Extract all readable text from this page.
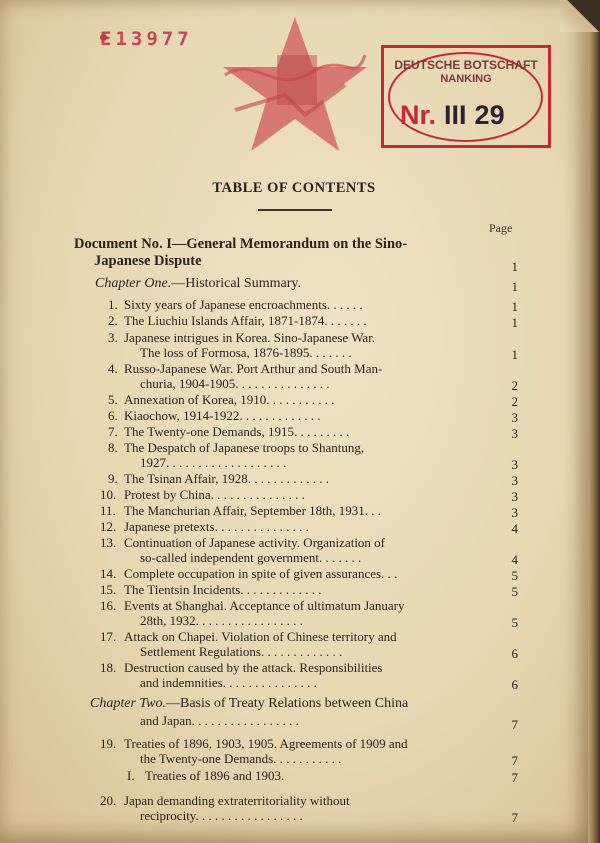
E13977
DEUTSCHE BOTSCHAFT
NANKING
Nr. III 29
TABLE OF CONTENTS
Page
Document No. I—General Memorandum on the Sino-
Japanese Dispute	1
Chapter One.—Historical Summary.	1
1. Sixty years of Japanese encroachments. . . . . .	1
2. The Liuchiu Islands Affair, 1871-1874. . . . . . .	1
3. Japanese intrigues in Korea. Sino-Japanese War.
The loss of Formosa, 1876-1895. . . . . . .	1
4. Russo-Japanese War. Port Arthur and South Man-
churia, 1904-1905. . . . . . . . . . . . . . .	2
5. Annexation of Korea, 1910. . . . . . . . . . .	2
6. Kiaochow, 1914-1922. . . . . . . . . . . . .	3
7. The Twenty-one Demands, 1915. . . . . . . . .	3
8. The Despatch of Japanese troops to Shantung,
1927. . . . . . . . . . . . . . . . . . .	3
9. The Tsinan Affair, 1928. . . . . . . . . . . . .	3
10. Protest by China. . . . . . . . . . . . . . .	3
11. The Manchurian Affair, September 18th, 1931. . .	3
12. Japanese pretexts. . . . . . . . . . . . . . .	4
13. Continuation of Japanese activity. Organization of
so-called independent government. . . . . . .	4
14. Complete occupation in spite of given assurances. . .	5
15. The Tientsin Incidents. . . . . . . . . . . . .	5
16. Events at Shanghai. Acceptance of ultimatum January
28th, 1932. . . . . . . . . . . . . . . . .	5
17. Attack on Chapei. Violation of Chinese territory and
Settlement Regulations. . . . . . . . . . . . .	6
18. Destruction caused by the attack. Responsibilities
and indemnities. . . . . . . . . . . . . . .	6
Chapter Two.—Basis of Treaty Relations between China
and Japan. . . . . . . . . . . . . . . . .	7
19. Treaties of 1896, 1903, 1905. Agreements of 1909 and
the Twenty-one Demands. . . . . . . . . . .	7
I. Treaties of 1896 and 1903.	7
20. Japan demanding extraterritoriality without
reciprocity. . . . . . . . . . . . . . . . .	7
